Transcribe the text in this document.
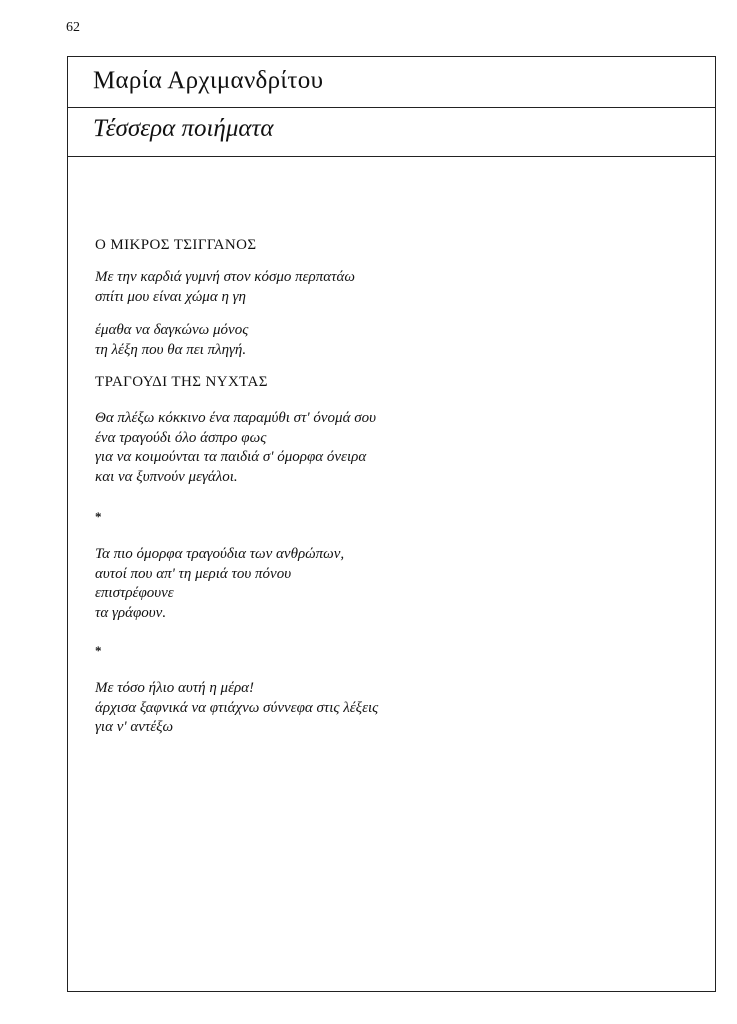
62
Μαρία Αρχιμανδρίτου
Τέσσερα ποιήματα
Ο ΜΙΚΡΟΣ ΤΣΙΓΓΑΝΟΣ
Με την καρδιά γυμνή στον κόσμο περπατάω
σπίτι μου είναι χώμα η γη
έμαθα να δαγκώνω μόνος
τη λέξη που θα πει πληγή.
ΤΡΑΓΟΥΔΙ ΤΗΣ ΝΥΧΤΑΣ
Θα πλέξω κόκκινο ένα παραμύθι στ' όνομά σου
ένα τραγούδι όλο άσπρο φως
για να κοιμούνται τα παιδιά σ' όμορφα όνειρα
και να ξυπνούν μεγάλοι.
*
Τα πιο όμορφα τραγούδια των ανθρώπων,
αυτοί που απ' τη μεριά του πόνου
επιστρέφουνε
τα γράφουν.
*
Με τόσο ήλιο αυτή η μέρα!
άρχισα ξαφνικά να φτιάχνω σύννεφα στις λέξεις
για ν' αντέξω
